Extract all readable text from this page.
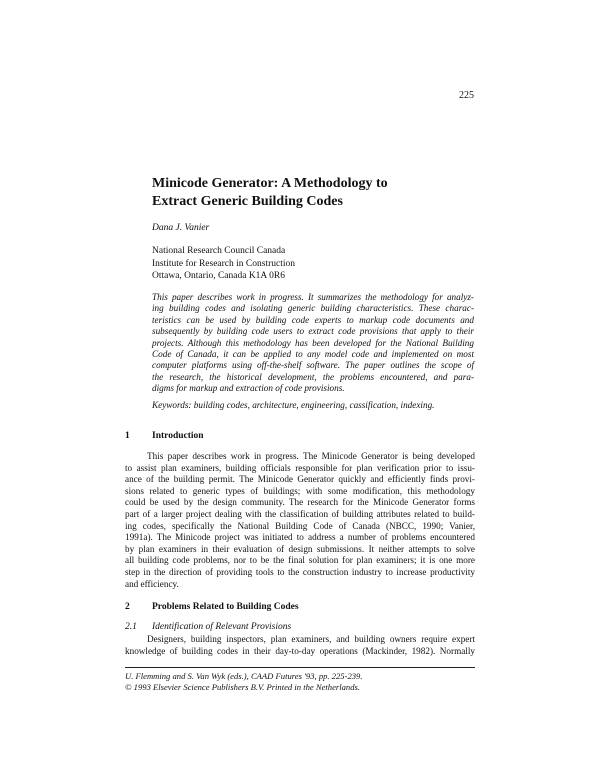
225
Minicode Generator: A Methodology to
Extract Generic Building Codes
Dana J. Vanier
National Research Council Canada
Institute for Research in Construction
Ottawa, Ontario, Canada K1A 0R6
This paper describes work in progress. It summarizes the methodology for analyz-
ing building codes and isolating generic building characteristics. These charac-
teristics can be used by building code experts to markup code documents and
subsequently by building code users to extract code provisions that apply to their
projects. Although this methodology has been developed for the National Building
Code of Canada, it can be applied to any model code and implemented on most
computer platforms using off-the-shelf software. The paper outlines the scope of
the research, the historical development, the problems encountered, and para-
digms for markup and extraction of code provisions.
Keywords: building codes, architecture, engineering, cassification, indexing.
1 Introduction
This paper describes work in progress. The Minicode Generator is being developed
to assist plan examiners, building officials responsible for plan verification prior to issu-
ance of the building permit. The Minicode Generator quickly and efficiently finds provi-
sions related to generic types of buildings; with some modification, this methodology
could be used by the design community. The research for the Minicode Generator forms
part of a larger project dealing with the classification of building attributes related to build-
ing codes, specifically the National Building Code of Canada (NBCC, 1990; Vanier,
1991a). The Minicode project was initiated to address a number of problems encountered
by plan examiners in their evaluation of design submissions. It neither attempts to solve
all building code problems, nor to be the final solution for plan examiners; it is one more
step in the direction of providing tools to the construction industry to increase productivity
and efficiency.
2 Problems Related to Building Codes
2.1 Identification of Relevant Provisions
Designers, building inspectors, plan examiners, and building owners require expert
knowledge of building codes in their day-to-day operations (Mackinder, 1982). Normally
U. Flemming and S. Van Wyk (eds.), CAAD Futures '93, pp. 225-239.
© 1993 Elsevier Science Publishers B.V. Printed in the Netherlands.
